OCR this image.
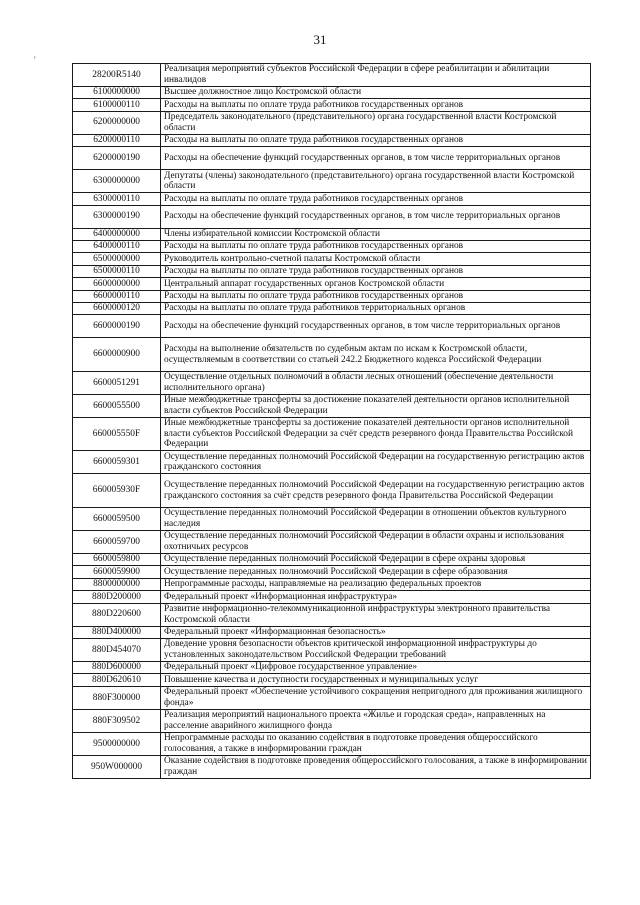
31
'
28200R5140	Реализация мероприятий субъектов Российской Федерации в сфере реабилитации и абилитации инвалидов
6100000000	Высшее должностное лицо Костромской области
6100000110	Расходы на выплаты по оплате труда работников государственных органов
6200000000	Председатель законодательного (представительного) органа государственной власти Костромской области
6200000110	Расходы на выплаты по оплате труда работников государственных органов
6200000190	Расходы на обеспечение функций государственных органов, в том числе территориальных органов
6300000000	Депутаты (члены) законодательного (представительного) органа государственной власти Костромской области
6300000110	Расходы на выплаты по оплате труда работников государственных органов
6300000190	Расходы на обеспечение функций государственных органов, в том числе территориальных органов
6400000000	Члены избирательной комиссии Костромской области
6400000110	Расходы на выплаты по оплате труда работников государственных органов
6500000000	Руководитель контрольно-счетной палаты Костромской области
6500000110	Расходы на выплаты по оплате труда работников государственных органов
6600000000	Центральный аппарат государственных органов Костромской области
6600000110	Расходы на выплаты по оплате труда работников государственных органов
6600000120	Расходы на выплаты по оплате труда работников территориальных органов
6600000190	Расходы на обеспечение функций государственных органов, в том числе территориальных органов
6600000900	Расходы на выполнение обязательств по судебным актам по искам к Костромской области, осуществляемым в соответствии со статьей 242.2 Бюджетного кодекса Российской Федерации
6600051291	Осуществление отдельных полномочий в области лесных отношений (обеспечение деятельности исполнительного органа)
6600055500	Иные межбюджетные трансферты за достижение показателей деятельности органов исполнительной власти субъектов Российской Федерации
660005550F	Иные межбюджетные трансферты за достижение показателей деятельности органов исполнительной власти субъектов Российской Федерации за счёт средств резервного фонда Правительства Российской Федерации
6600059301	Осуществление переданных полномочий Российской Федерации на государственную регистрацию актов гражданского состояния
660005930F	Осуществление переданных полномочий Российской Федерации на государственную регистрацию актов гражданского состояния за счёт средств резервного фонда Правительства Российской Федерации
6600059500	Осуществление переданных полномочий Российской Федерации в отношении объектов культурного наследия
6600059700	Осуществление переданных полномочий Российской Федерации в области охраны и использования охотничьих ресурсов
6600059800	Осуществление переданных полномочий Российской Федерации в сфере охраны здоровья
6600059900	Осуществление переданных полномочий Российской Федерации в сфере образования
8800000000	Непрограммные расходы, направляемые на реализацию федеральных проектов
880D200000	Федеральный проект «Информационная инфраструктура»
880D220600	Развитие информационно-телекоммуникационной инфраструктуры электронного правительства Костромской области
880D400000	Федеральный проект «Информационная безопасность»
880D454070	Доведение уровня безопасности объектов критической информационной инфраструктуры до установленных законодательством Российской Федерации требований
880D600000	Федеральный проект «Цифровое государственное управление»
880D620610	Повышение качества и доступности государственных и муниципальных услуг
880F300000	Федеральный проект «Обеспечение устойчивого сокращения непригодного для проживания жилищного фонда»
880F309502	Реализация мероприятий национального проекта «Жилье и городская среда», направленных на расселение аварийного жилищного фонда
9500000000	Непрограммные расходы по оказанию содействия в подготовке проведения общероссийского голосования, а также в информировании граждан
950W000000	Оказание содействия в подготовке проведения общероссийского голосования, а также в информировании граждан
